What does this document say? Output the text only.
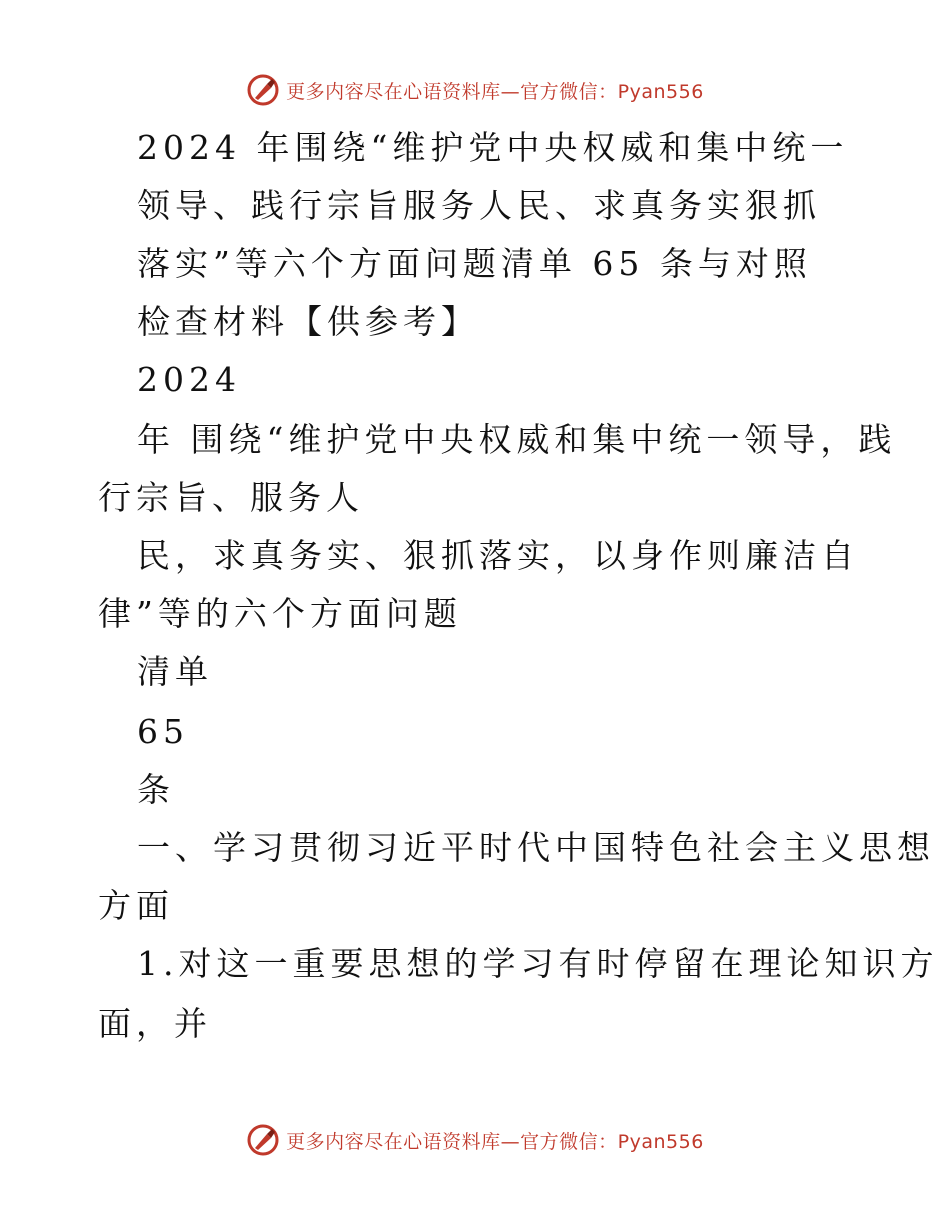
更多内容尽在心语资料库—官方微信：Pyan556

2024 年围绕“维护党中央权威和集中统一

领导、践行宗旨服务人民、求真务实狠抓

落实”等六个方面问题清单 65 条与对照

检查材料【供参考】

2024

年 围绕“维护党中央权威和集中统一领导，践

行宗旨、服务人

民，求真务实、狠抓落实，以身作则廉洁自

律”等的六个方面问题

清单

65

条

一、学习贯彻习近平时代中国特色社会主义思想

方面

1.对这一重要思想的学习有时停留在理论知识方

面，并

更多内容尽在心语资料库—官方微信：Pyan556
